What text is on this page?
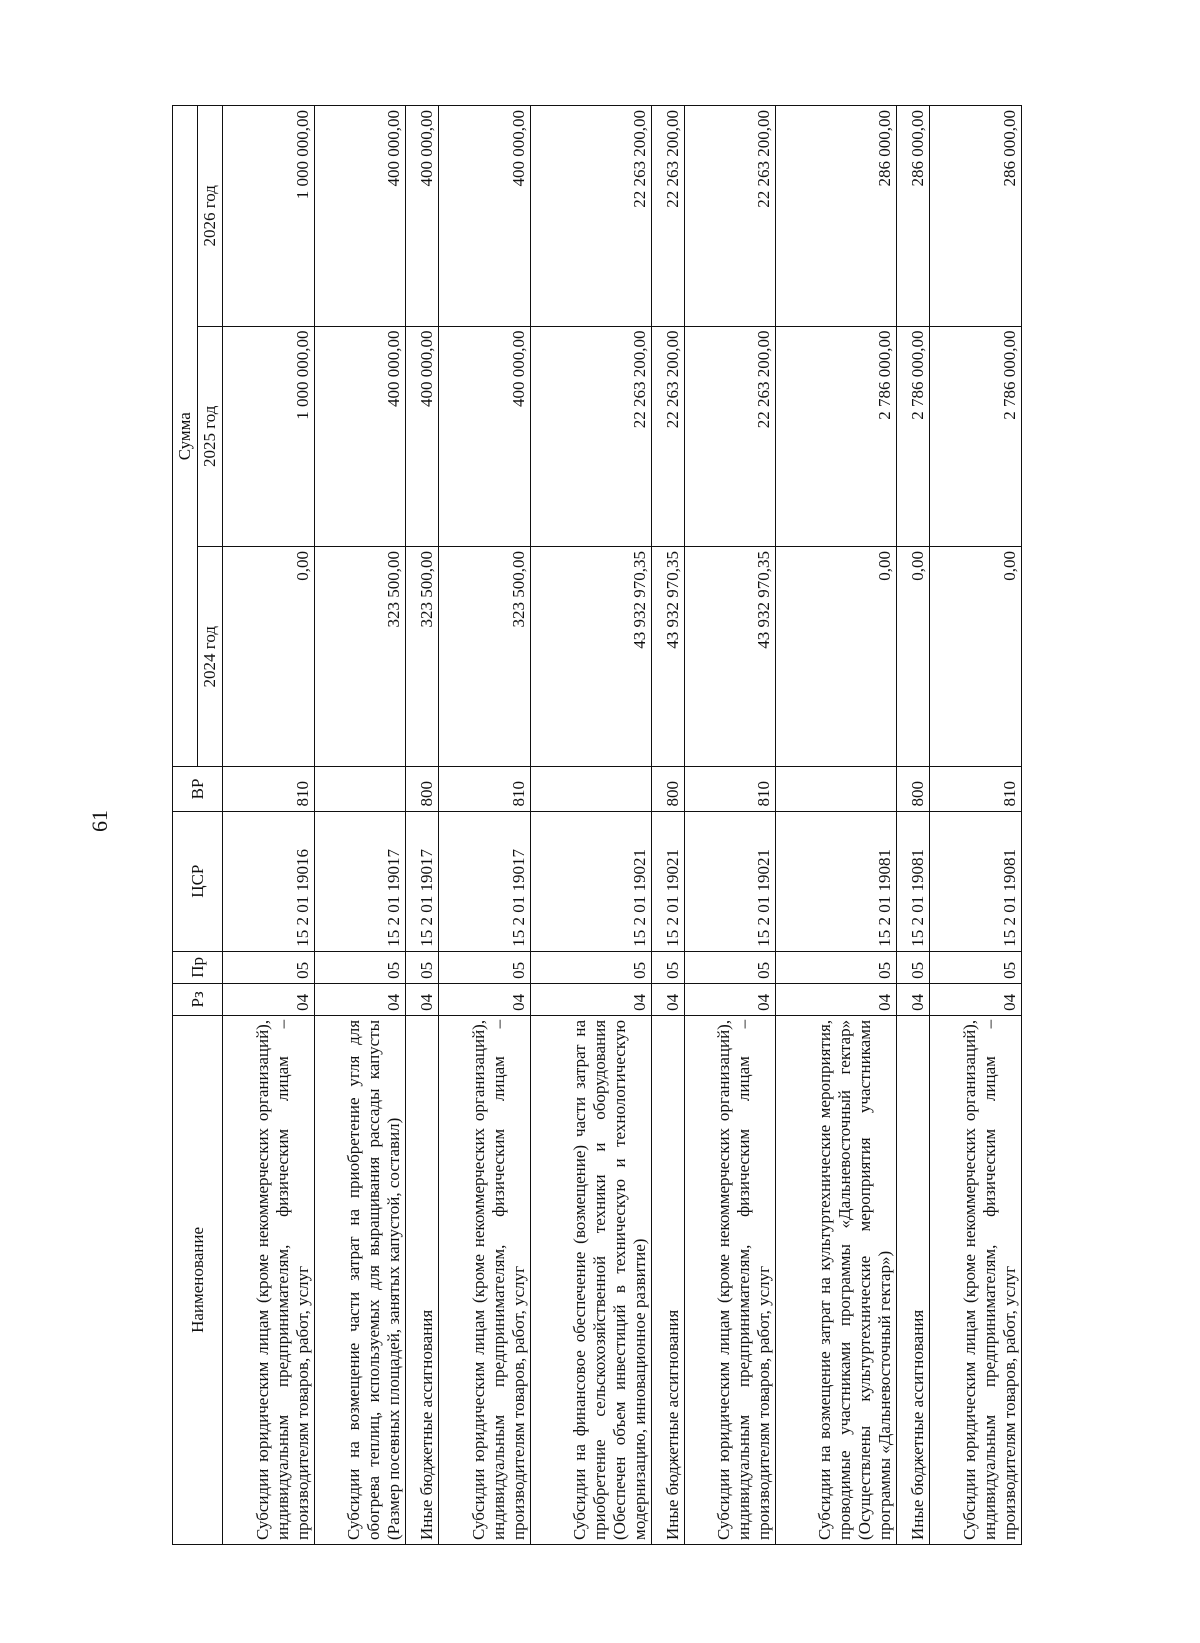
61
Наименование	Рз	Пр	ЦСР	ВР	Сумма		
					2024 год	2025 год	2026 год
Субсидии юридическим лицам (кроме некоммерческих организаций), индивидуальным предпринимателям, физическим лицам – производителям товаров, работ, услуг	04	05	15 2 01 19016	810	0,00	1 000 000,00	1 000 000,00
Субсидии на возмещение части затрат на приобретение угля для обогрева теплиц, используемых для выращивания рассады капусты (Размер посевных площадей, занятых капустой, составил)	04	05	15 2 01 19017		323 500,00	400 000,00	400 000,00
Иные бюджетные ассигнования	04	05	15 2 01 19017	800	323 500,00	400 000,00	400 000,00
Субсидии юридическим лицам (кроме некоммерческих организаций), индивидуальным предпринимателям, физическим лицам – производителям товаров, работ, услуг	04	05	15 2 01 19017	810	323 500,00	400 000,00	400 000,00
Субсидии на финансовое обеспечение (возмещение) части затрат на приобретение сельскохозяйственной техники и оборудования (Обеспечен объем инвестиций в техническую и технологическую модернизацию, инновационное развитие)	04	05	15 2 01 19021		43 932 970,35	22 263 200,00	22 263 200,00
Иные бюджетные ассигнования	04	05	15 2 01 19021	800	43 932 970,35	22 263 200,00	22 263 200,00
Субсидии юридическим лицам (кроме некоммерческих организаций), индивидуальным предпринимателям, физическим лицам – производителям товаров, работ, услуг	04	05	15 2 01 19021	810	43 932 970,35	22 263 200,00	22 263 200,00
Субсидии на возмещение затрат на культуртехнические мероприятия, проводимые участниками программы «Дальневосточный гектар» (Осуществлены культуртехнические мероприятия участниками программы «Дальневосточный гектар»)	04	05	15 2 01 19081		0,00	2 786 000,00	286 000,00
Иные бюджетные ассигнования	04	05	15 2 01 19081	800	0,00	2 786 000,00	286 000,00
Субсидии юридическим лицам (кроме некоммерческих организаций), индивидуальным предпринимателям, физическим лицам – производителям товаров, работ, услуг	04	05	15 2 01 19081	810	0,00	2 786 000,00	286 000,00
